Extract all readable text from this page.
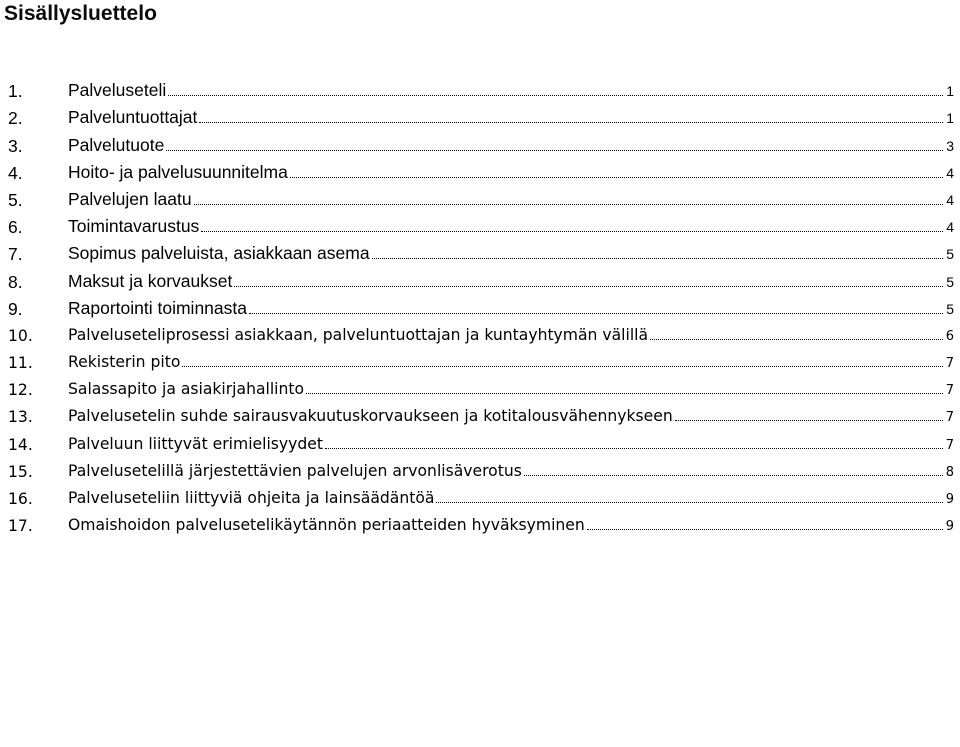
Sisällysluettelo
1.	Palveluseteli	1
2.	Palveluntuottajat	1
3.	Palvelutuote	3
4.	Hoito- ja palvelusuunnitelma	4
5.	Palvelujen laatu	4
6.	Toimintavarustus	4
7.	Sopimus palveluista, asiakkaan asema	5
8.	Maksut ja korvaukset	5
9.	Raportointi toiminnasta	5
10.	Palveluseteliprosessi asiakkaan, palveluntuottajan ja kuntayhtymän välillä	6
11.	Rekisterin pito	7
12.	Salassapito ja asiakirjahallinto	7
13.	Palvelusetelin suhde sairausvakuutuskorvaukseen ja kotitalousvähennykseen	7
14.	Palveluun liittyvät erimielisyydet	7
15.	Palvelusetelillä järjestettävien palvelujen arvonlisäverotus	8
16.	Palveluseteliin liittyviä ohjeita ja lainsäädäntöä	9
17.	Omaishoidon palvelusetelikäytännön periaatteiden hyväksyminen	9
